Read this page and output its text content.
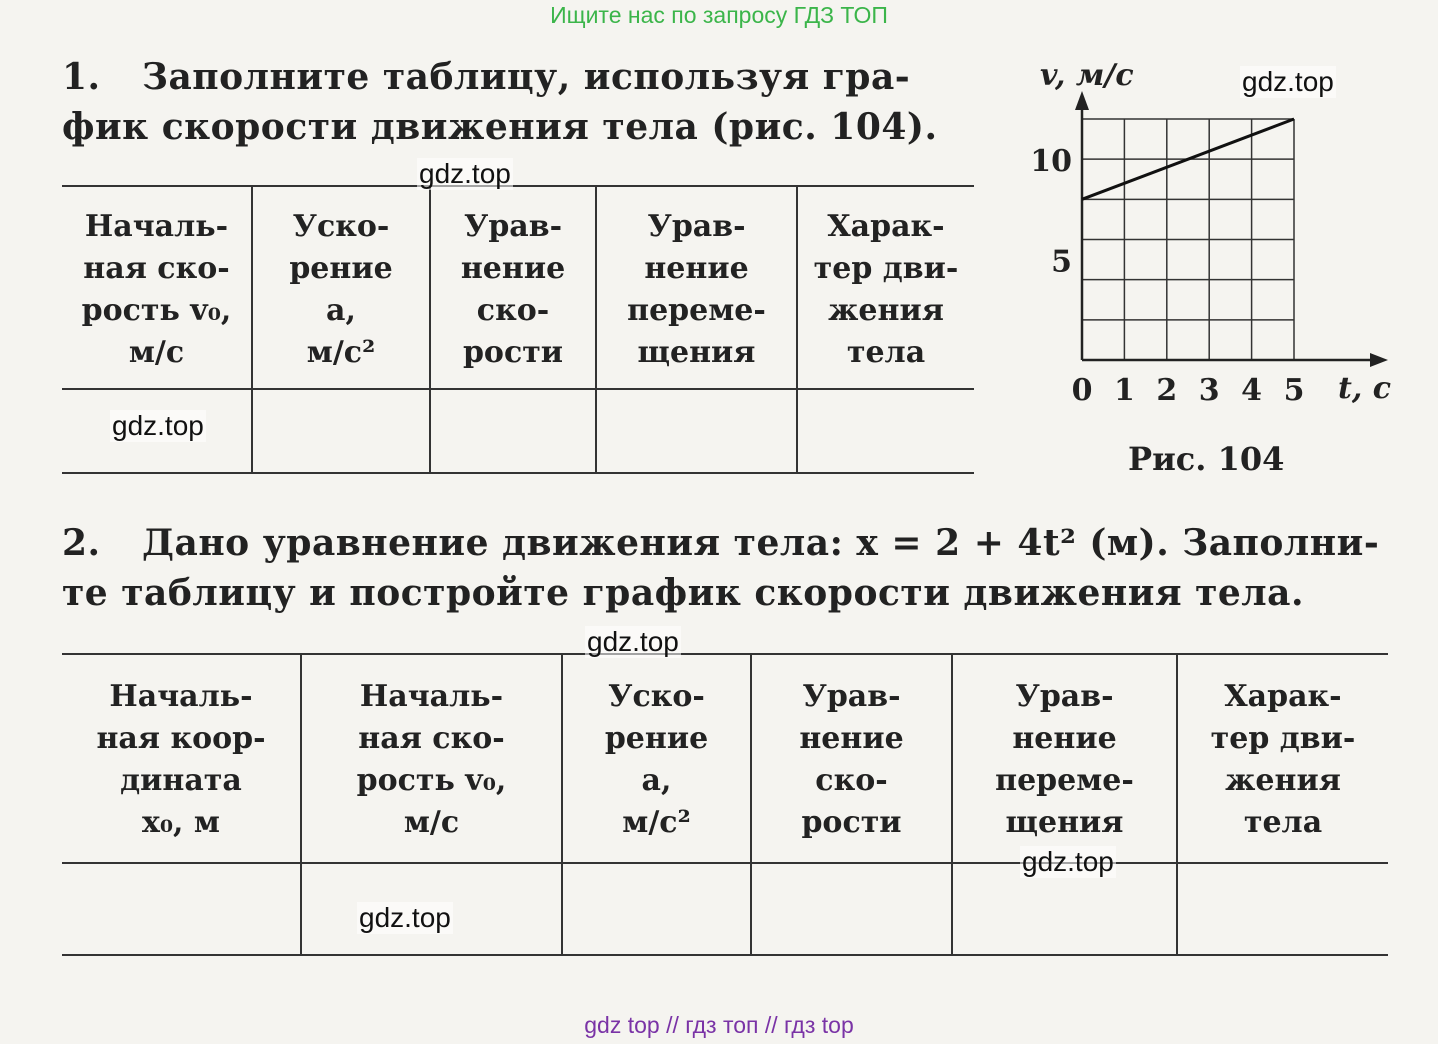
Ищите нас по запросу ГДЗ ТОП
1. Заполните таблицу, используя гра-
фик скорости движения тела (рис. 104).
Началь-
ная ско-
рость v₀,
м/с
Уско-
рение
a,
м/с²
Урав-
нение
ско-
рости
Урав-
нение
переме-
щения
Харак-
тер дви-
жения
тела
0 1 2 3 4 5
5
10
v, м/с
t, с
Рис. 104
2. Дано уравнение движения тела: x = 2 + 4t² (м). Заполни-
те таблицу и постройте график скорости движения тела.
Началь-
ная коор-
дината
x₀, м
Началь-
ная ско-
рость v₀,
м/с
Уско-
рение
a,
м/с²
Урав-
нение
ско-
рости
Урав-
нение
переме-
щения
Харак-
тер дви-
жения
тела
gdz.top
gdz.top
gdz.top
gdz.top
gdz.top
gdz.top
gdz top // гдз топ // гдз top
